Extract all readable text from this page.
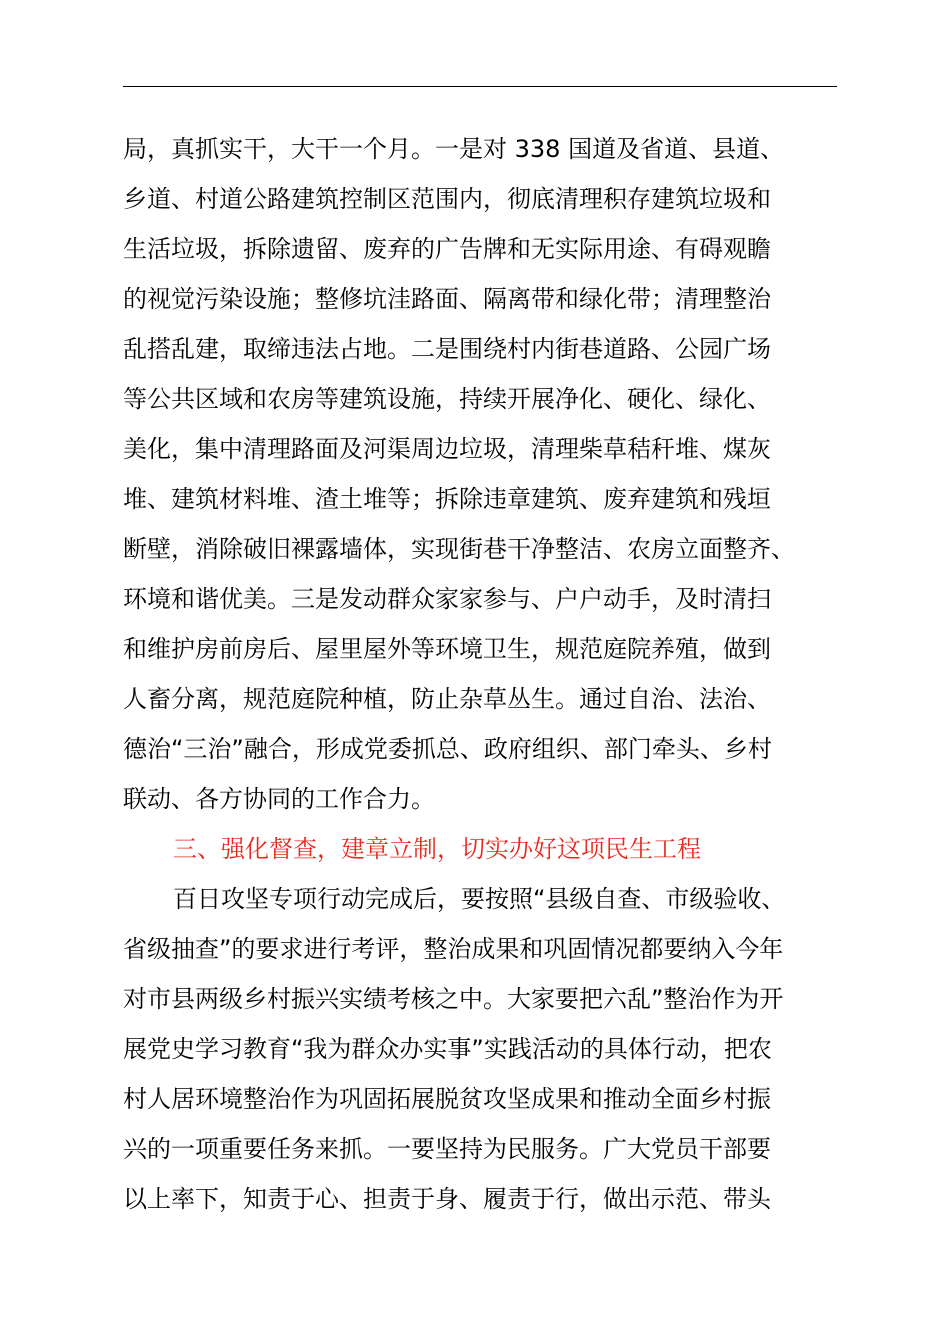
局，真抓实干，大干一个月。一是对 338 国道及省道、县道、
乡道、村道公路建筑控制区范围内，彻底清理积存建筑垃圾和
生活垃圾，拆除遗留、废弃的广告牌和无实际用途、有碍观瞻
的视觉污染设施；整修坑洼路面、隔离带和绿化带；清理整治
乱搭乱建，取缔违法占地。二是围绕村内街巷道路、公园广场
等公共区域和农房等建筑设施，持续开展净化、硬化、绿化、
美化，集中清理路面及河渠周边垃圾，清理柴草秸秆堆、煤灰
堆、建筑材料堆、渣土堆等；拆除违章建筑、废弃建筑和残垣
断壁，消除破旧裸露墙体，实现街巷干净整洁、农房立面整齐、
环境和谐优美。三是发动群众家家参与、户户动手，及时清扫
和维护房前房后、屋里屋外等环境卫生，规范庭院养殖，做到
人畜分离，规范庭院种植，防止杂草丛生。通过自治、法治、
德治“三治”融合，形成党委抓总、政府组织、部门牵头、乡村
联动、各方协同的工作合力。
三、强化督查，建章立制，切实办好这项民生工程
百日攻坚专项行动完成后，要按照“县级自查、市级验收、
省级抽查”的要求进行考评，整治成果和巩固情况都要纳入今年
对市县两级乡村振兴实绩考核之中。大家要把六乱”整治作为开
展党史学习教育“我为群众办实事”实践活动的具体行动，把农
村人居环境整治作为巩固拓展脱贫攻坚成果和推动全面乡村振
兴的一项重要任务来抓。一要坚持为民服务。广大党员干部要
以上率下，知责于心、担责于身、履责于行，做出示范、带头
